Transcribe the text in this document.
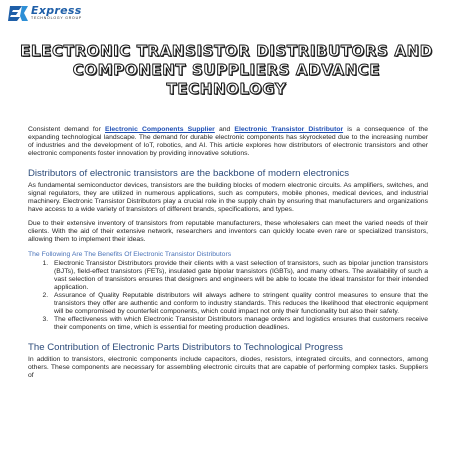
Express
TECHNOLOGY GROUP
ELECTRONIC TRANSISTOR DISTRIBUTORS AND COMPONENT SUPPLIERS ADVANCE TECHNOLOGY

Consistent demand for Electronic Components Supplier and Electronic Transistor Distributor is a consequence of the expanding technological landscape. The demand for durable electronic components has skyrocketed due to the increasing number of industries and the development of IoT, robotics, and AI. This article explores how distributors of electronic transistors and other electronic components foster innovation by providing innovative solutions.

Distributors of electronic transistors are the backbone of modern electronics

As fundamental semiconductor devices, transistors are the building blocks of modern electronic circuits. As amplifiers, switches, and signal regulators, they are utilized in numerous applications, such as computers, mobile phones, medical devices, and industrial machinery. Electronic Transistor Distributors play a crucial role in the supply chain by ensuring that manufacturers and organizations have access to a wide variety of transistors of different brands, specifications, and types.

Due to their extensive inventory of transistors from reputable manufacturers, these wholesalers can meet the varied needs of their clients. With the aid of their extensive network, researchers and inventors can quickly locate even rare or specialized transistors, allowing them to implement their ideas.

The Following Are The Benefits Of Electronic Transistor Distributors
1. Electronic Transistor Distributors provide their clients with a vast selection of transistors, such as bipolar junction transistors (BJTs), field-effect transistors (FETs), insulated gate bipolar transistors (IGBTs), and many others. The availability of such a vast selection of transistors ensures that designers and engineers will be able to locate the ideal transistor for their intended application.
2. Assurance of Quality Reputable distributors will always adhere to stringent quality control measures to ensure that the transistors they offer are authentic and conform to industry standards. This reduces the likelihood that electronic equipment will be compromised by counterfeit components, which could impact not only their functionality but also their safety.
3. The effectiveness with which Electronic Transistor Distributors manage orders and logistics ensures that customers receive their components on time, which is essential for meeting production deadlines.
The Contribution of Electronic Parts Distributors to Technological Progress

In addition to transistors, electronic components include capacitors, diodes, resistors, integrated circuits, and connectors, among others. These components are necessary for assembling electronic circuits that are capable of performing complex tasks. Suppliers of
